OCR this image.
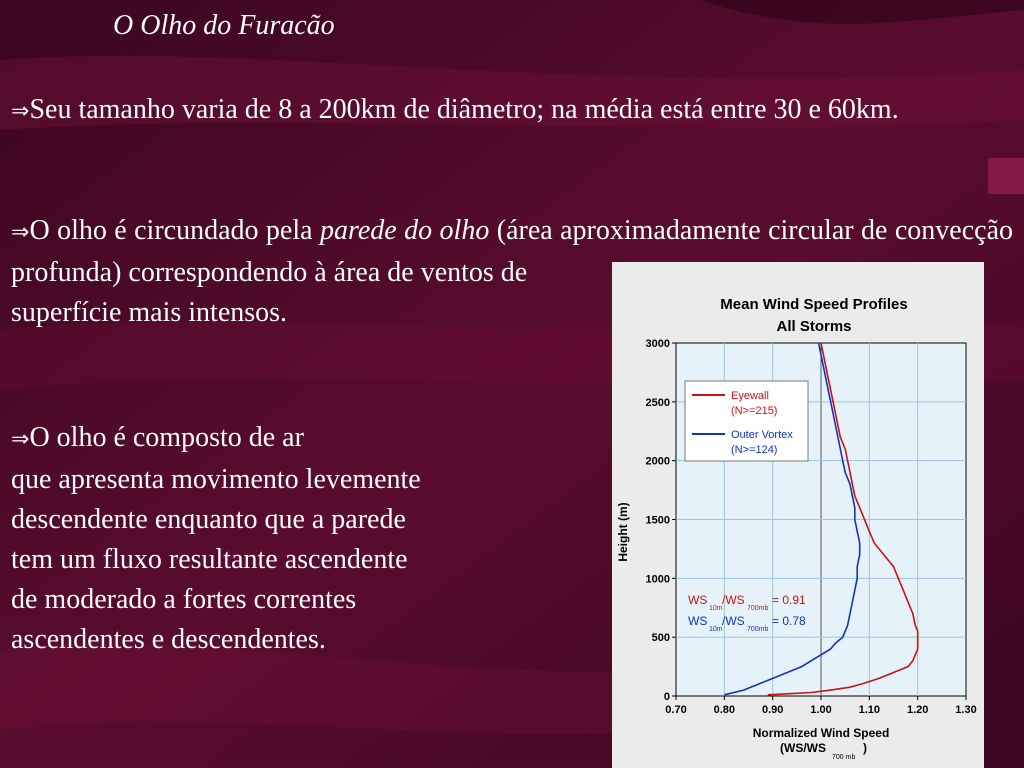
O Olho do Furacão
⇒Seu tamanho varia de 8 a 200km de diâmetro; na média está entre 30 e 60km.
⇒O olho é circundado pela parede do olho (área aproximadamente circular de convecção profunda) correspondendo à área de ventos de
superfície mais intensos.
⇒O olho é composto de ar
que apresenta movimento levemente
descendente enquanto que a parede
tem um fluxo resultante ascendente
de moderado a fortes correntes
ascendentes e descendentes.
Mean Wind Speed Profiles
All Storms
0.70 0.80 0.90 1.00 1.10 1.20 1.30
0
500
1000
1500
2000
2500
3000
Eyewall
(N>=215)
Outer Vortex
(N>=124)
WS
10m
/WS
700mb
= 0.91
WS
10m
/WS
700mb
= 0.78
Height (m)
Normalized Wind Speed
(WS/WS
700 mb
)
